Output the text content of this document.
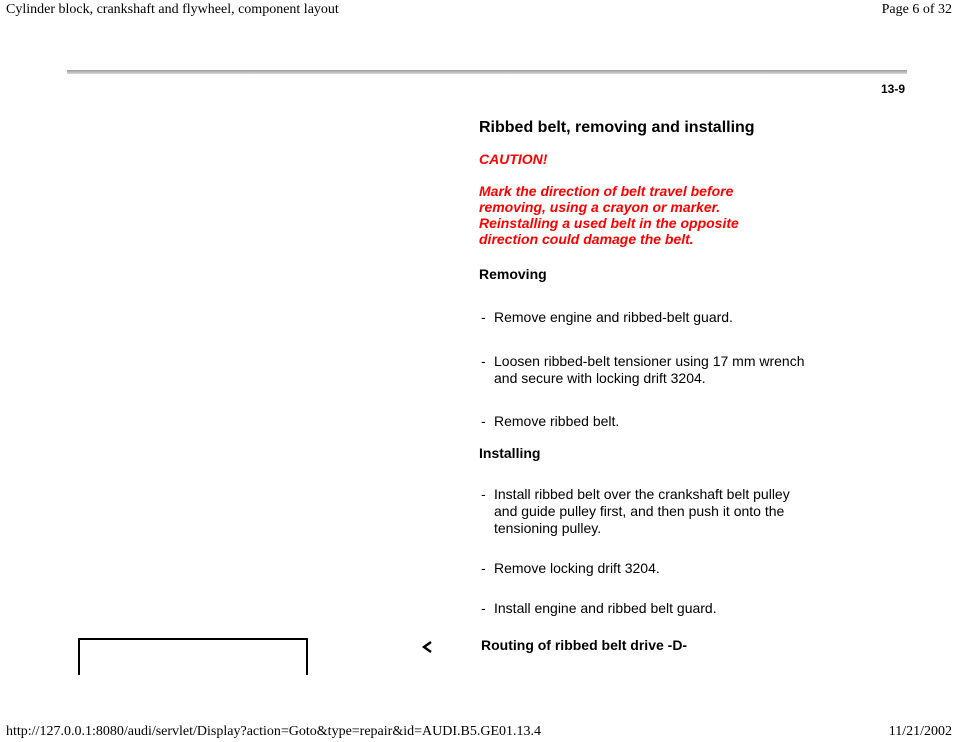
Cylinder block, crankshaft and flywheel, component layout	Page 6 of 32
13-9
Ribbed belt, removing and installing
CAUTION!
Mark the direction of belt travel before removing, using a crayon or marker. Reinstalling a used belt in the opposite direction could damage the belt.
Removing
- Remove engine and ribbed-belt guard.
- Loosen ribbed-belt tensioner using 17 mm wrench and secure with locking drift 3204.
- Remove ribbed belt.
Installing
- Install ribbed belt over the crankshaft belt pulley and guide pulley first, and then push it onto the tensioning pulley.
- Remove locking drift 3204.
- Install engine and ribbed belt guard.
Routing of ribbed belt drive -D-
http://127.0.0.1:8080/audi/servlet/Display?action=Goto&type=repair&id=AUDI.B5.GE01.13.4	11/21/2002
